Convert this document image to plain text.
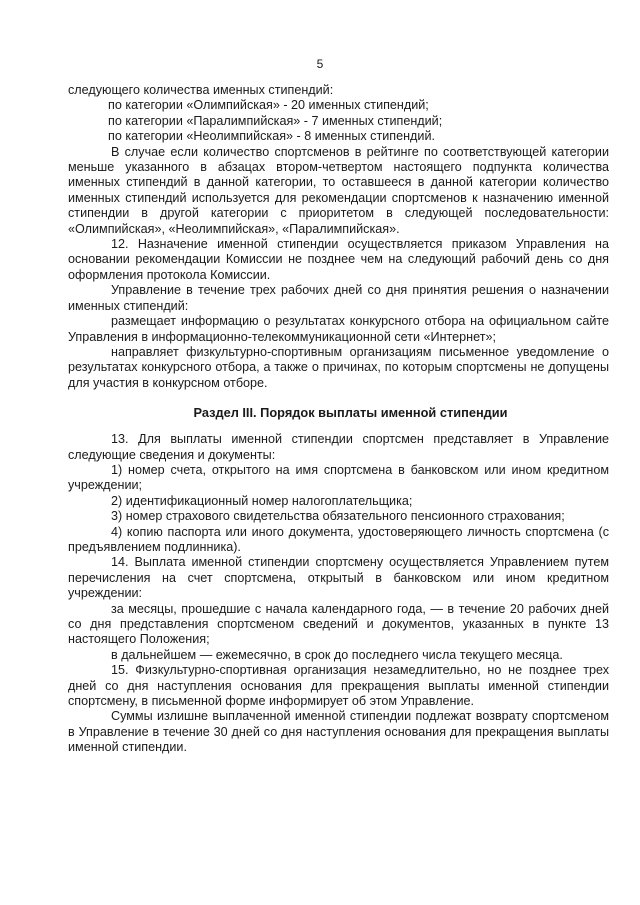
5

следующего количества именных стипендий:

по категории «Олимпийская» - 20 именных стипендий;

по категории «Паралимпийская» - 7 именных стипендий;

по категории «Неолимпийская» - 8 именных стипендий.

В случае если количество спортсменов в рейтинге по соответствующей категории меньше указанного в абзацах втором-четвертом настоящего подпункта количества именных стипендий в данной категории, то оставшееся в данной категории количество именных стипендий используется для рекомендации спортсменов к назначению именной стипендии в другой категории с приоритетом в следующей последовательности: «Олимпийская», «Неолимпийская», «Паралимпийская».

12. Назначение именной стипендии осуществляется приказом Управления на основании рекомендации Комиссии не позднее чем на следующий рабочий день со дня оформления протокола Комиссии.

Управление в течение трех рабочих дней со дня принятия решения о назначении именных стипендий:

размещает информацию о результатах конкурсного отбора на официальном сайте Управления в информационно-телекоммуникационной сети «Интернет»;

направляет физкультурно-спортивным организациям письменное уведомление о результатах конкурсного отбора, а также о причинах, по которым спортсмены не допущены для участия в конкурсном отборе.

Раздел III. Порядок выплаты именной стипендии

13. Для выплаты именной стипендии спортсмен представляет в Управление следующие сведения и документы:

1) номер счета, открытого на имя спортсмена в банковском или ином кредитном учреждении;

2) идентификационный номер налогоплательщика;

3) номер страхового свидетельства обязательного пенсионного страхования;

4) копию паспорта или иного документа, удостоверяющего личность спортсмена (с предъявлением подлинника).

14. Выплата именной стипендии спортсмену осуществляется Управлением путем перечисления на счет спортсмена, открытый в банковском или ином кредитном учреждении:

за месяцы, прошедшие с начала календарного года, — в течение 20 рабочих дней со дня представления спортсменом сведений и документов, указанных в пункте 13 настоящего Положения;

в дальнейшем — ежемесячно, в срок до последнего числа текущего месяца.

15. Физкультурно-спортивная организация незамедлительно, но не позднее трех дней со дня наступления основания для прекращения выплаты именной стипендии спортсмену, в письменной форме информирует об этом Управление.

Суммы излишне выплаченной именной стипендии подлежат возврату спортсменом в Управление в течение 30 дней со дня наступления основания для прекращения выплаты именной стипендии.
